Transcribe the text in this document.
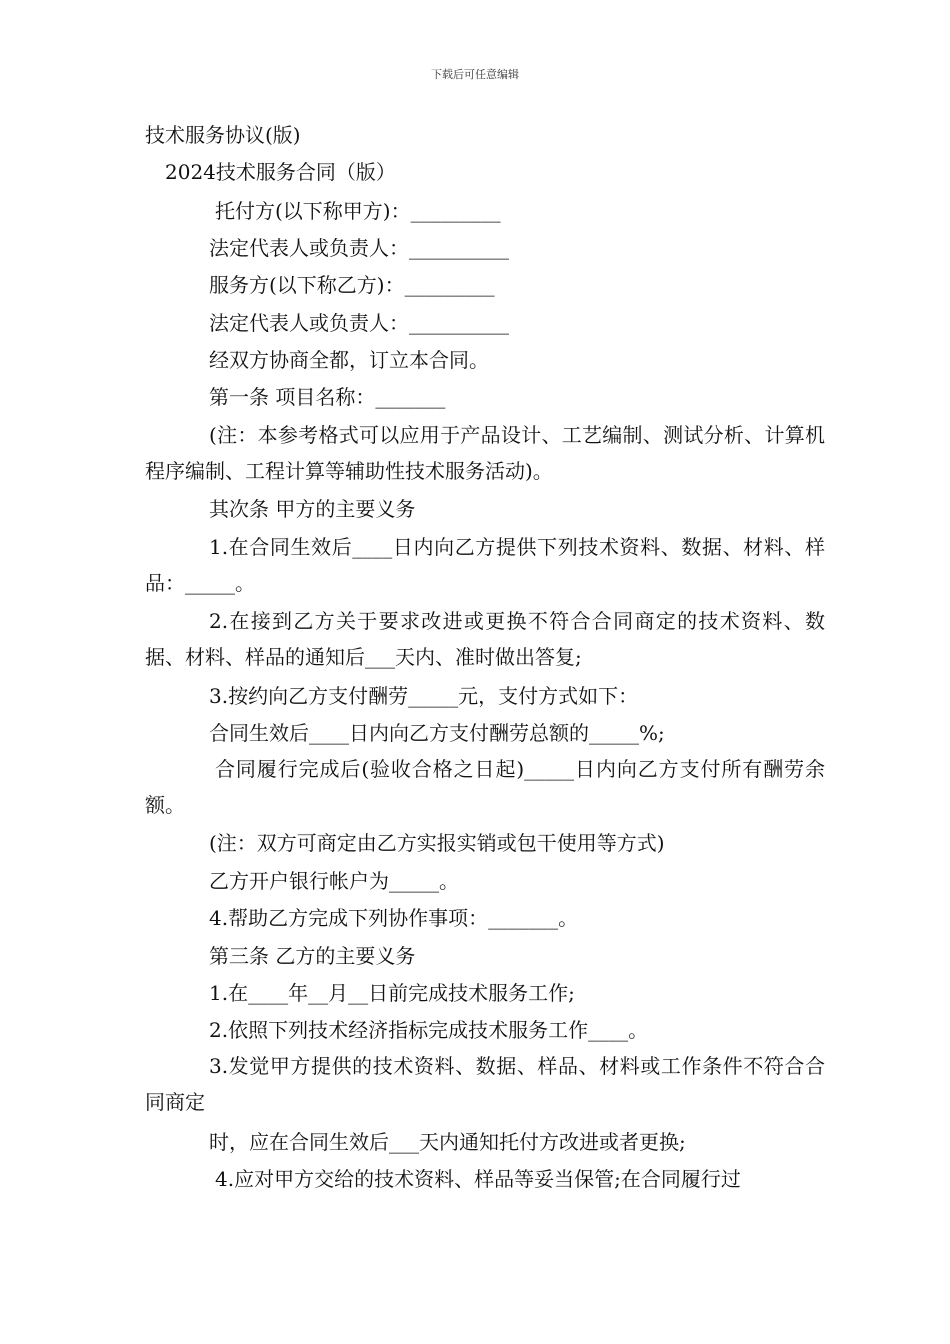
下载后可任意编辑
技术服务协议(版)
2024技术服务合同（版）
托付方(以下称甲方)：_________
法定代表人或负责人：__________
服务方(以下称乙方)：_________
法定代表人或负责人：__________
经双方协商全都，订立本合同。
第一条 项目名称：_______
(注：本参考格式可以应用于产品设计、工艺编制、测试分析、计算机程序编制、工程计算等辅助性技术服务活动)。
其次条 甲方的主要义务
1.在合同生效后____日内向乙方提供下列技术资料、数据、材料、样品：_____。
2.在接到乙方关于要求改进或更换不符合合同商定的技术资料、数据、材料、样品的通知后___天内、准时做出答复;
3.按约向乙方支付酬劳_____元，支付方式如下：
合同生效后____日内向乙方支付酬劳总额的_____%;
合同履行完成后(验收合格之日起)_____日内向乙方支付所有酬劳余额。
(注：双方可商定由乙方实报实销或包干使用等方式)
乙方开户银行帐户为_____。
4.帮助乙方完成下列协作事项：_______。
第三条 乙方的主要义务
1.在____年__月__日前完成技术服务工作;
2.依照下列技术经济指标完成技术服务工作____。
3.发觉甲方提供的技术资料、数据、样品、材料或工作条件不符合合同商定
时，应在合同生效后___天内通知托付方改进或者更换;
4.应对甲方交给的技术资料、样品等妥当保管;在合同履行过
